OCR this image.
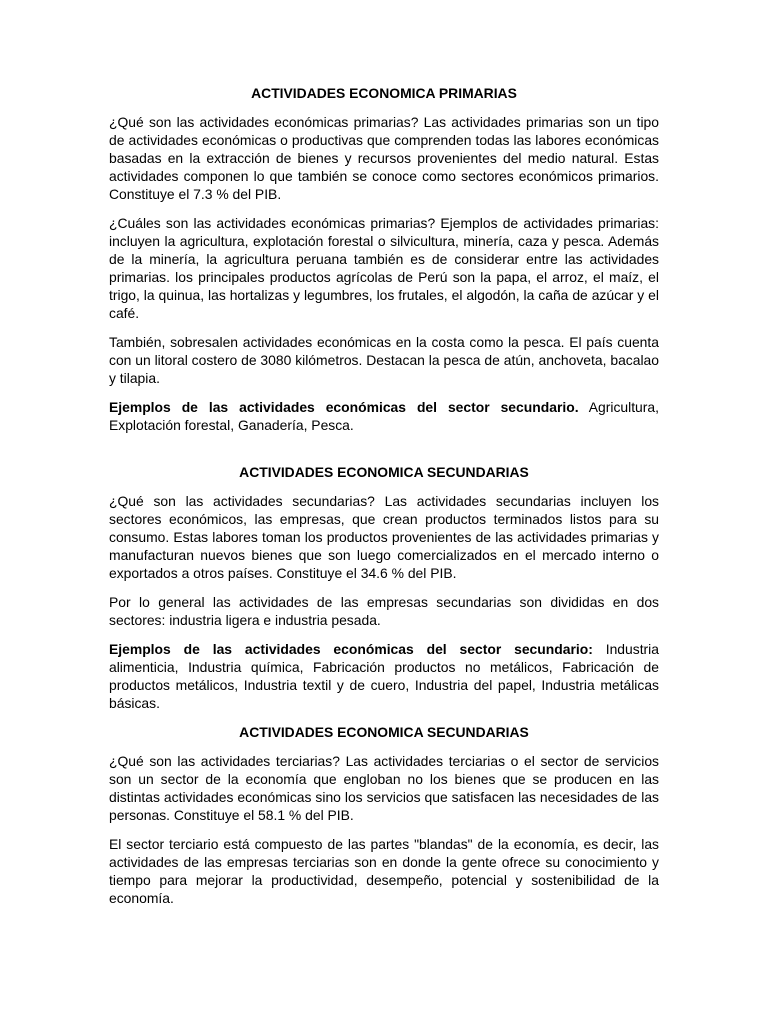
ACTIVIDADES ECONOMICA PRIMARIAS

¿Qué son las actividades económicas primarias? Las actividades primarias son un tipo de actividades económicas o productivas que comprenden todas las labores económicas basadas en la extracción de bienes y recursos provenientes del medio natural. Estas actividades componen lo que también se conoce como sectores económicos primarios. Constituye el 7.3 % del PIB.

¿Cuáles son las actividades económicas primarias? Ejemplos de actividades primarias: incluyen la agricultura, explotación forestal o silvicultura, minería, caza y pesca. Además de la minería, la agricultura peruana también es de considerar entre las actividades primarias. los principales productos agrícolas de Perú son la papa, el arroz, el maíz, el trigo, la quinua, las hortalizas y legumbres, los frutales, el algodón, la caña de azúcar y el café.

También, sobresalen actividades económicas en la costa como la pesca. El país cuenta con un litoral costero de 3080 kilómetros. Destacan la pesca de atún, anchoveta, bacalao y tilapia.

Ejemplos de las actividades económicas del sector secundario. Agricultura, Explotación forestal, Ganadería, Pesca.

ACTIVIDADES ECONOMICA SECUNDARIAS

¿Qué son las actividades secundarias? Las actividades secundarias incluyen los sectores económicos, las empresas, que crean productos terminados listos para su consumo. Estas labores toman los productos provenientes de las actividades primarias y manufacturan nuevos bienes que son luego comercializados en el mercado interno o exportados a otros países. Constituye el 34.6 % del PIB.

Por lo general las actividades de las empresas secundarias son divididas en dos sectores: industria ligera e industria pesada.

Ejemplos de las actividades económicas del sector secundario: Industria alimenticia, Industria química, Fabricación productos no metálicos, Fabricación de productos metálicos, Industria textil y de cuero, Industria del papel, Industria metálicas básicas.

ACTIVIDADES ECONOMICA SECUNDARIAS

¿Qué son las actividades terciarias? Las actividades terciarias o el sector de servicios son un sector de la economía que engloban no los bienes que se producen en las distintas actividades económicas sino los servicios que satisfacen las necesidades de las personas. Constituye el 58.1 % del PIB.

El sector terciario está compuesto de las partes "blandas" de la economía, es decir, las actividades de las empresas terciarias son en donde la gente ofrece su conocimiento y tiempo para mejorar la productividad, desempeño, potencial y sostenibilidad de la economía.
